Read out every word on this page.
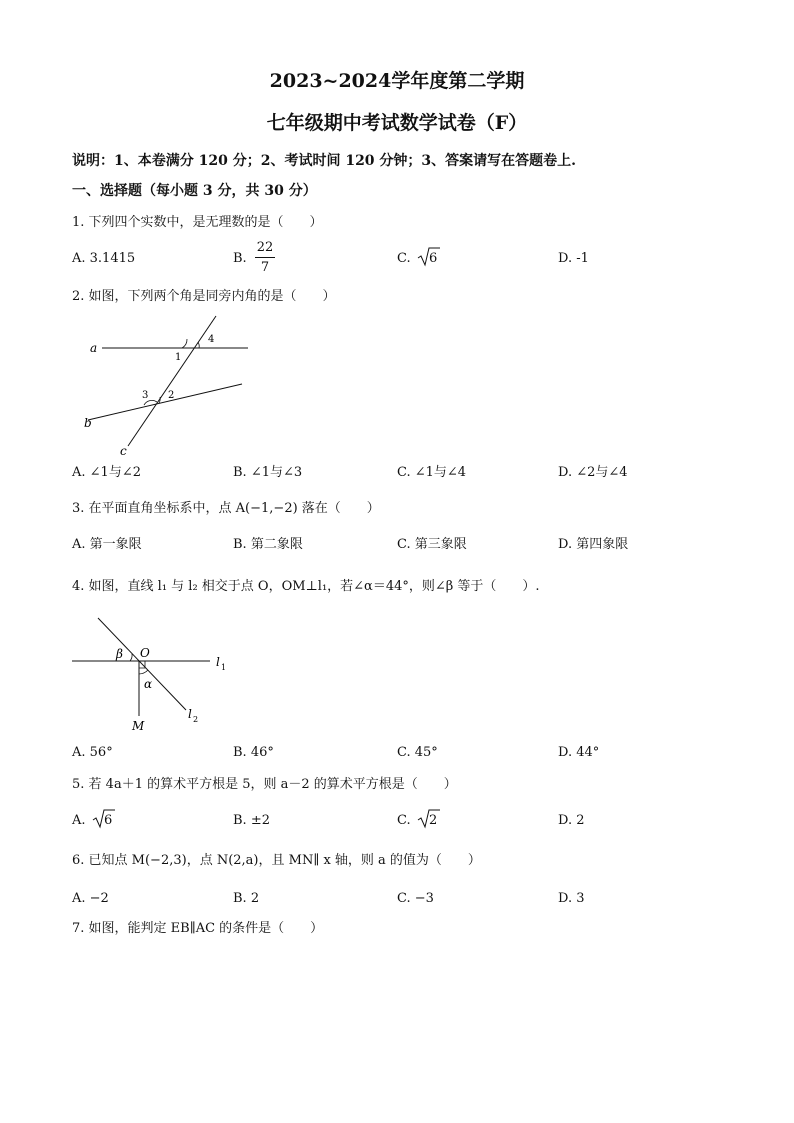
2023~2024学年度第二学期
七年级期中考试数学试卷（F）
说明：1、本卷满分 120 分；2、考试时间 120 分钟；3、答案请写在答题卷上.
一、选择题（每小题 3 分，共 30 分）
1. 下列四个实数中，是无理数的是（　　）
A. 3.1415	B.
22
7
C. 6	D. -1
2. 如图，下列两个角是同旁内角的是（　　）
a
b
c
1
4
3 2
A. ∠1与∠2	B. ∠1与∠3	C. ∠1与∠4	D. ∠2与∠4
3. 在平面直角坐标系中，点 A(−1,−2) 落在（　　）
A. 第一象限	B. 第二象限	C. 第三象限	D. 第四象限
4. 如图，直线 l₁ 与 l₂ 相交于点 O，OM⊥l₁，若∠α＝44°，则∠β 等于（　　）.
β O
α
M
l 1
l 2
A. 56°	B. 46°	C. 45°	D. 44°
5. 若 4a＋1 的算术平方根是 5，则 a－2 的算术平方根是（　　）
A. 6	B. ±2	C. 2	D. 2
6. 已知点 M(−2,3)，点 N(2,a)，且 MN∥ x 轴，则 a 的值为（　　）
A. −2	B. 2	C. −3	D. 3
7. 如图，能判定 EB∥AC 的条件是（　　）
